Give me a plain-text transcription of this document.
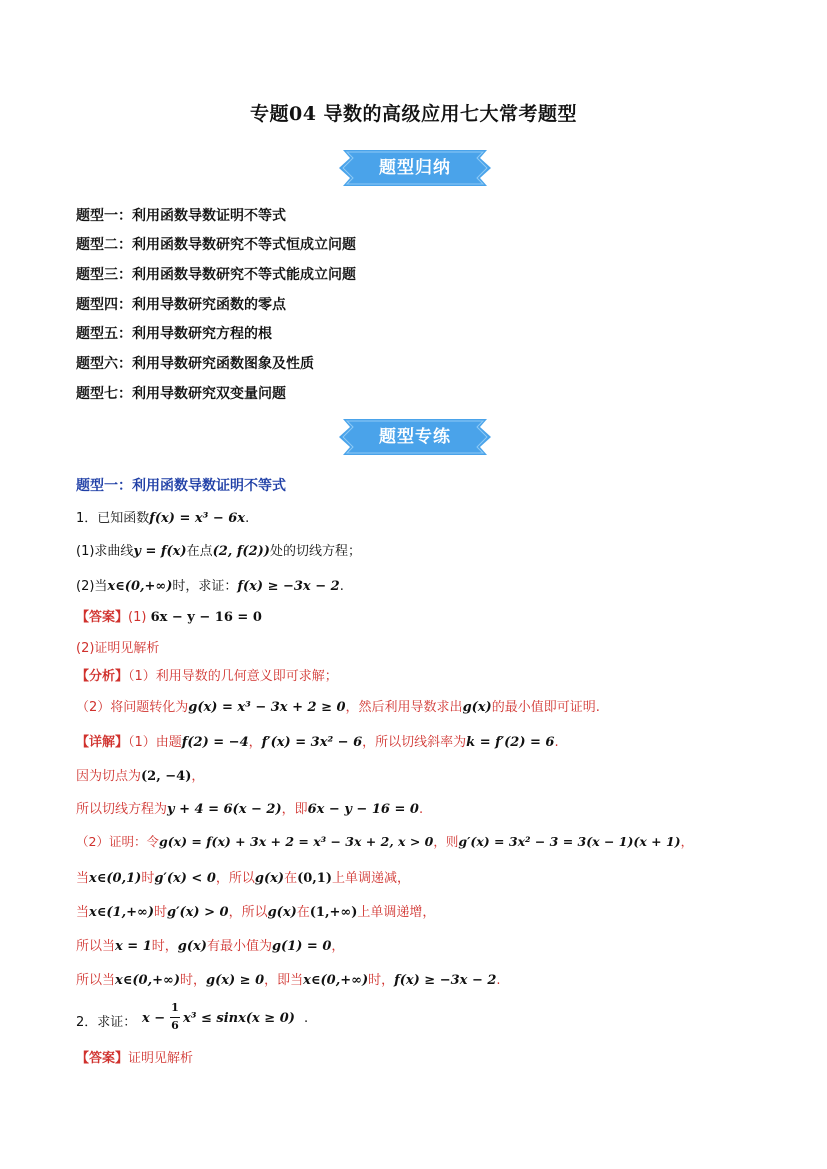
专题04 导数的高级应用七大常考题型
题型归纳
题型一：利用函数导数证明不等式
题型二：利用函数导数研究不等式恒成立问题
题型三：利用函数导数研究不等式能成立问题
题型四：利用导数研究函数的零点
题型五：利用导数研究方程的根
题型六：利用导数研究函数图象及性质
题型七：利用导数研究双变量问题
题型专练
题型一：利用函数导数证明不等式
1．已知函数f(x) = x³ − 6x.
(1)求曲线y = f(x)在点(2, f(2))处的切线方程；
(2)当x∈(0,+∞)时，求证：f(x) ≥ −3x − 2.
【答案】(1) 6x − y − 16 = 0
(2)证明见解析
【分析】（1）利用导数的几何意义即可求解；
（2）将问题转化为g(x) = x³ − 3x + 2 ≥ 0，然后利用导数求出g(x)的最小值即可证明.
【详解】（1）由题f(2) = −4，f′(x) = 3x² − 6，所以切线斜率为k = f′(2) = 6.
因为切点为(2, −4)，
所以切线方程为y + 4 = 6(x − 2)，即6x − y − 16 = 0.
（2）证明：令g(x) = f(x) + 3x + 2 = x³ − 3x + 2, x > 0，则g′(x) = 3x² − 3 = 3(x − 1)(x + 1)，
当x∈(0,1)时g′(x) < 0，所以g(x)在(0,1)上单调递减，
当x∈(1,+∞)时g′(x) > 0，所以g(x)在(1,+∞)上单调递增，
所以当x = 1时，g(x)有最小值为g(1) = 0，
所以当x∈(0,+∞)时，g(x) ≥ 0，即当x∈(0,+∞)时，f(x) ≥ −3x − 2.
2．求证： x −
1
6 x³ ≤ sinx(x ≥ 0) .
【答案】证明见解析
